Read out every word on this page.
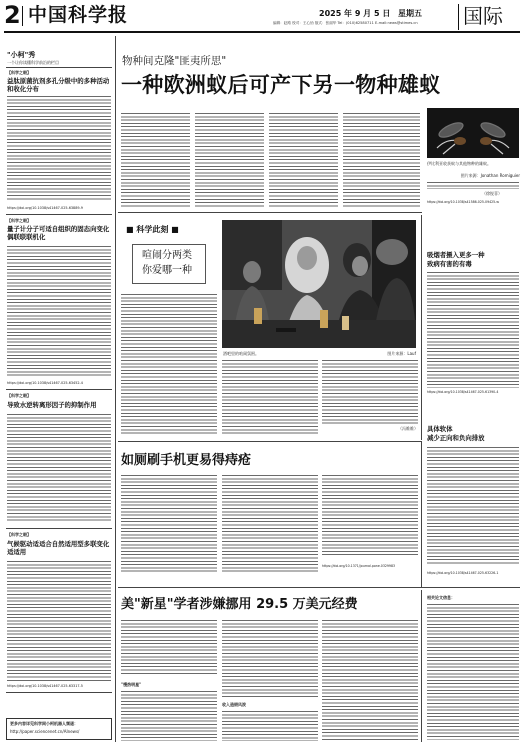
2 中国科学报	2025 年 9 月 5 日 星期五
编辑：赵路 校对：王心怡 版式：张丽华 Tel：(010)62580711 E-mail:news@stimes.cn 国际
"小柯"秀
一个让你读懂科学前沿的栏目
【科学之眼】
益肽原菌抗剂多孔分级中的多种活动和收化分布
https://doi.org/10.1038/s41467-025-63889-9
【科学之眼】
量子计分子可适自组织的固态向变化偶联联联机化
https://doi.org/10.1038/s41467-025-63452-4
【科学之眼】
导致水逆转离形因子的抑制作用
【科学之眼】
气候驱动适适合自然适用型多联变化适适用
https://doi.org/10.1038/s41467-025-63317-5
更多内容详见科学网小柯机器人频道：
http://paper.sciencenet.cn/AInews/
物种间克隆"匪夷所思"
一种欧洲蚁后可产下另一物种雄蚁
伊比利亚收获蚁与其他物种的雄蚁。
图片来源：Jonathan Romiguier
（徐锐菲）
https://doi.org/10.1038/s41586-025-09425-w
■ 科学此刻 ■
喧闹分两类
你爱哪一种
酒吧里的喧闹氛围。	图片来源：Lauf
（冯维维）
吸烟者摄入更多一种
致病有害的有毒
https://doi.org/10.1038/s41467-025-61390-4
具体软体
减少正向和负向排放
https://doi.org/10.1038/s41467-025-63226-1
相关论文信息：
如厕刷手机更易得痔疮
https://doi.org/10.1371/journal.pone.0329983
美"新星"学者涉嫌挪用 29.5 万美元经费
"慢热明星"
收入造假风波
